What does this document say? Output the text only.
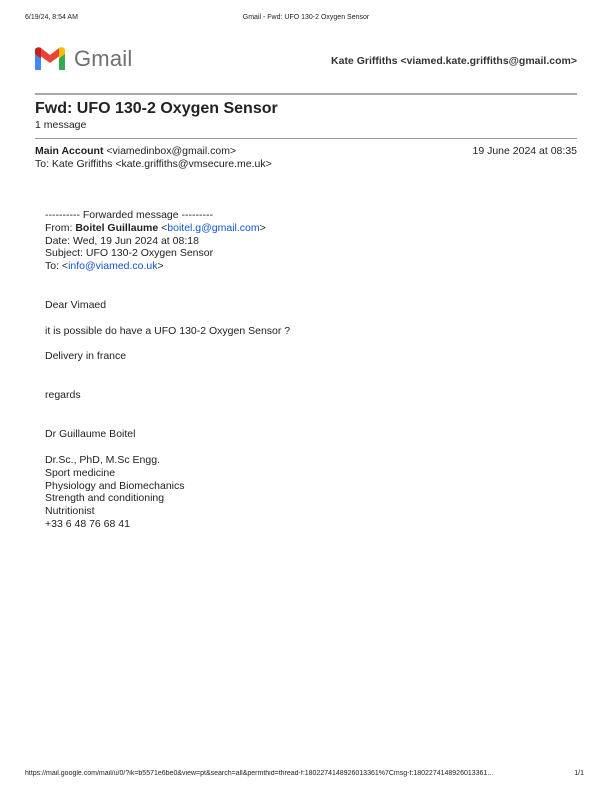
6/19/24, 8:54 AM	Gmail - Fwd: UFO 130-2 Oxygen Sensor
Gmail	Kate Griffiths <viamed.kate.griffiths@gmail.com>
Fwd: UFO 130-2 Oxygen Sensor
1 message
Main Account <viamedinbox@gmail.com>	19 June 2024 at 08:35
To: Kate Griffiths <kate.griffiths@vmsecure.me.uk>
---------- Forwarded message ---------
From: Boitel Guillaume <boitel.g@gmail.com>
Date: Wed, 19 Jun 2024 at 08:18
Subject: UFO 130-2 Oxygen Sensor
To: <info@viamed.co.uk>
Dear Vimaed
it is possible do have a UFO 130-2 Oxygen Sensor ?
Delivery in france
regards
Dr Guillaume Boitel
Dr.Sc., PhD, M.Sc Engg.
Sport medicine
Physiology and Biomechanics
Strength and conditioning
Nutritionist
+33 6 48 76 68 41
https://mail.google.com/mail/u/0/?ik=b5571e6be0&view=pt&search=all&permthid=thread-f:1802274148926013361%7Cmsg-f:1802274148926013361...	1/1
